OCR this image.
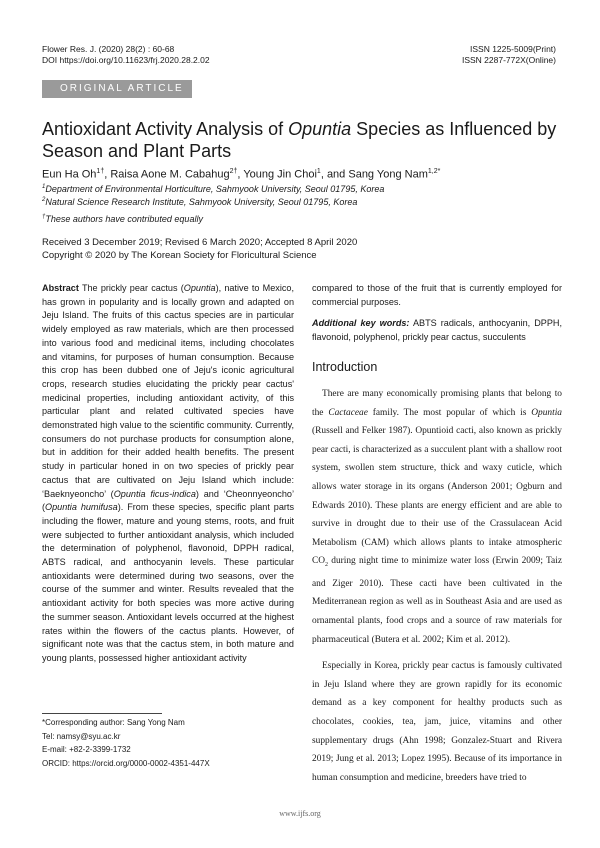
Flower Res. J. (2020) 28(2) : 60-68
DOI https://doi.org/10.11623/frj.2020.28.2.02
ISSN 1225-5009(Print)
ISSN 2287-772X(Online)
ORIGINAL ARTICLE
Antioxidant Activity Analysis of Opuntia Species as Influenced by Season and Plant Parts
Eun Ha $Oh^{1\dagger}$, Raisa Aone M. Cabahug$^{2\dagger}$, Young Jin Choi$^1$, and Sang Yong Nam$^{1,2*}$
$^1$Department of Environmental Horticulture, Sahmyook University, Seoul 01795, Korea
$^2$Natural Science Research Institute, Sahmyook University, Seoul 01795, Korea
†These authors have contributed equally
Received 3 December 2019; Revised 6 March 2020; Accepted 8 April 2020
Copyright © 2020 by The Korean Society for Floricultural Science
Abstract The prickly pear cactus (Opuntia), native to Mexico, has grown in popularity and is locally grown and adapted on Jeju Island. The fruits of this cactus species are in particular widely employed as raw materials, which are then processed into various food and medicinal items, including chocolates and vitamins, for purposes of human consumption. Because this crop has been dubbed one of Jeju's iconic agricultural crops, research studies elucidating the prickly pear cactus' medicinal properties, including antioxidant activity, of this particular plant and related cultivated species have demonstrated high value to the scientific community. Currently, consumers do not purchase products for consumption alone, but in addition for their added health benefits. The present study in particular honed in on two species of prickly pear cactus that are cultivated on Jeju Island which include: ‘Baeknyeoncho’ (Opuntia ficus-indica) and ‘Cheonnyeoncho’ (Opuntia humifusa). From these species, specific plant parts including the flower, mature and young stems, roots, and fruit were subjected to further antioxidant analysis, which included the determination of polyphenol, flavonoid, DPPH radical, ABTS radical, and anthocyanin levels. These particular antioxidants were determined during two seasons, over the course of the summer and winter. Results revealed that the antioxidant activity for both species was more active during the summer season. Antioxidant levels occurred at the highest rates within the flowers of the cactus plants. However, of significant note was that the cactus stem, in both mature and young plants, possessed higher antioxidant activity
compared to those of the fruit that is currently employed for commercial purposes.
Additional key words: ABTS radicals, anthocyanin, DPPH, flavonoid, polyphenol, prickly pear cactus, succulents
Introduction

There are many economically promising plants that belong to the Cactaceae family. The most popular of which is Opuntia (Russell and Felker 1987). Opuntioid cacti, also known as prickly pear cacti, is characterized as a succulent plant with a shallow root system, swollen stem structure, thick and waxy cuticle, which allows water storage in its organs (Anderson 2001; Ogburn and Edwards 2010). These plants are energy efficient and are able to survive in drought due to their use of the Crassulacean Acid Metabolism (CAM) which allows plants to intake atmospheric $CO_2$ during night time to minimize water loss (Erwin 2009; Taiz and Ziger 2010). These cacti have been cultivated in the Mediterranean region as well as in Southeast Asia and are used as ornamental plants, food crops and a source of raw materials for pharmaceutical (Butera et al. 2002; Kim et al. 2012).

Especially in Korea, prickly pear cactus is famously cultivated in Jeju Island where they are grown rapidly for its economic demand as a key component for healthy products such as chocolates, cookies, tea, jam, juice, vitamins and other supplementary drugs (Ahn 1998; Gonzalez-Stuart and Rivera 2019; Jung et al. 2013; Lopez 1995). Because of its importance in human consumption and medicine, breeders have tried to

*Corresponding author: Sang Yong Nam
Tel: namsy@syu.ac.kr
E-mail: +82-2-3399-1732
ORCID: https://orcid.org/0000-0002-4351-447X
www.ijfs.org
